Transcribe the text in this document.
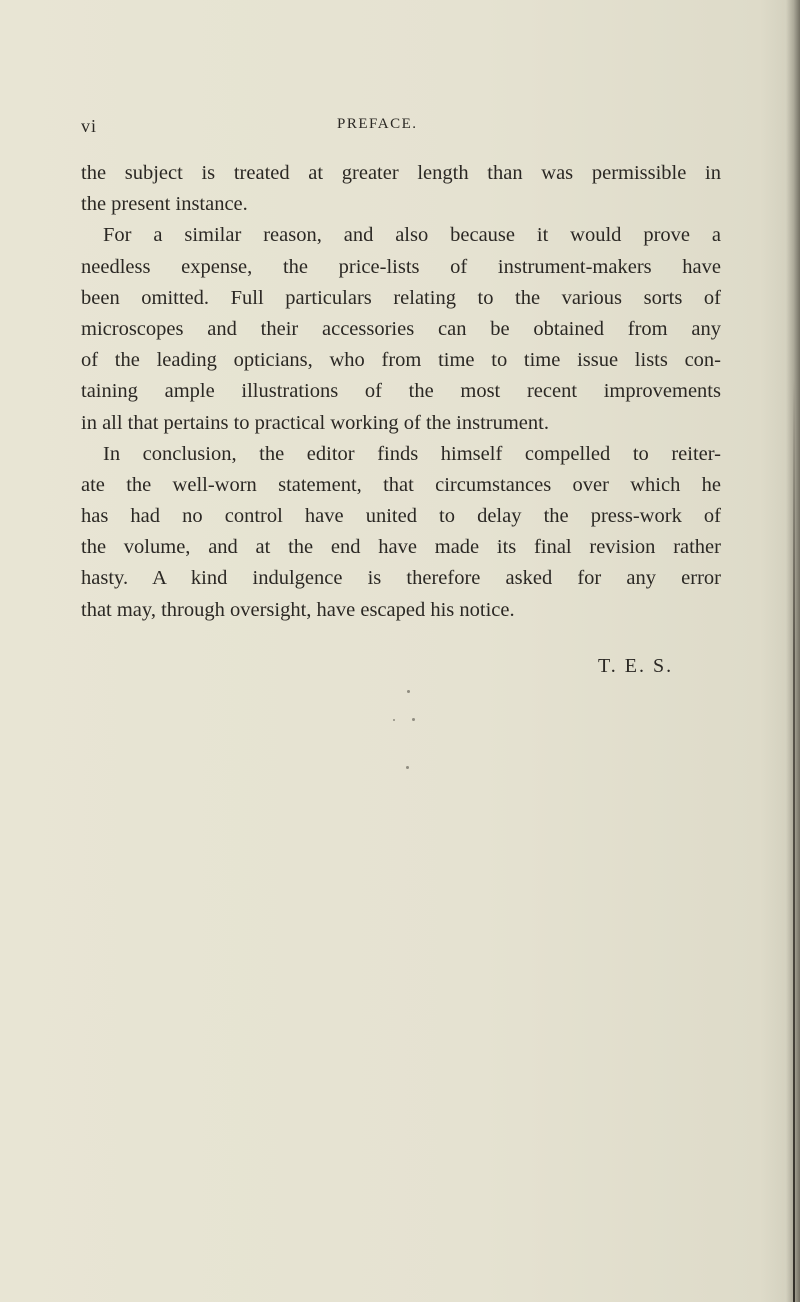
vi	PREFACE.
the subject is treated at greater length than was permissible in
the present instance.
For a similar reason, and also because it would prove a
needless expense, the price-lists of instrument-makers have
been omitted. Full particulars relating to the various sorts of
microscopes and their accessories can be obtained from any
of the leading opticians, who from time to time issue lists con-
taining ample illustrations of the most recent improvements
in all that pertains to practical working of the instrument.
In conclusion, the editor finds himself compelled to reiter-
ate the well-worn statement, that circumstances over which he
has had no control have united to delay the press-work of
the volume, and at the end have made its final revision rather
hasty. A kind indulgence is therefore asked for any error
that may, through oversight, have escaped his notice.
T. E. S.
